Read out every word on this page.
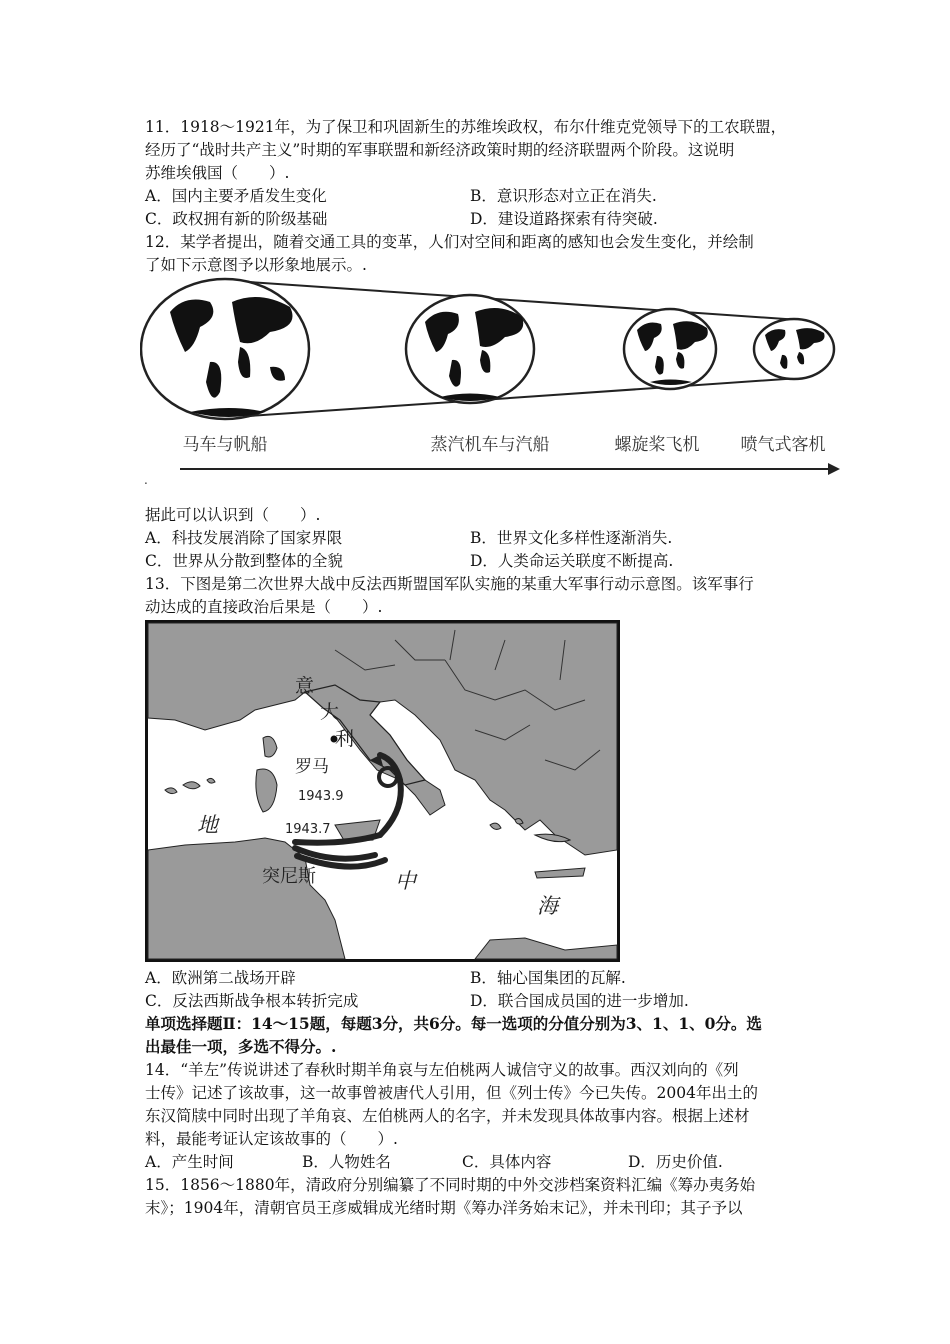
11．1918～1921年，为了保卫和巩固新生的苏维埃政权，布尔什维克党领导下的工农联盟，
经历了“战时共产主义”时期的军事联盟和新经济政策时期的经济联盟两个阶段。这说明
苏维埃俄国（　　）.
A．国内主要矛盾发生变化	B．意识形态对立正在消失.
C．政权拥有新的阶级基础	D．建设道路探索有待突破.
12．某学者提出，随着交通工具的变革，人们对空间和距离的感知也会发生变化，并绘制
了如下示意图予以形象地展示。.
马车与帆船	蒸汽机车与汽船	螺旋桨飞机 喷气式客机
.
据此可以认识到（　　）.
A．科技发展消除了国家界限	B．世界文化多样性逐渐消失.
C．世界从分散到整体的全貌	D．人类命运关联度不断提高.
13．下图是第二次世界大战中反法西斯盟国军队实施的某重大军事行动示意图。该军事行
动达成的直接政治后果是（　　）.
意
大
利
罗马
1943.9
1943.7
地
突尼斯	中
海
A．欧洲第二战场开辟	B．轴心国集团的瓦解.
C．反法西斯战争根本转折完成	D．联合国成员国的进一步增加.
单项选择题Ⅱ：14～15题，每题3分，共6分。每一选项的分值分别为3、1、1、0分。选
出最佳一项，多选不得分。.
14．“羊左”传说讲述了春秋时期羊角哀与左伯桃两人诚信守义的故事。西汉刘向的《列
士传》记述了该故事，这一故事曾被唐代人引用，但《列士传》今已失传。2004年出土的
东汉简牍中同时出现了羊角哀、左伯桃两人的名字，并未发现具体故事内容。根据上述材
料，最能考证认定该故事的（　　）.
A．产生时间	B．人物姓名	C．具体内容	D．历史价值.
15．1856～1880年，清政府分别编纂了不同时期的中外交涉档案资料汇编《筹办夷务始
末》；1904年，清朝官员王彦威辑成光绪时期《筹办洋务始末记》，并未刊印；其子予以
